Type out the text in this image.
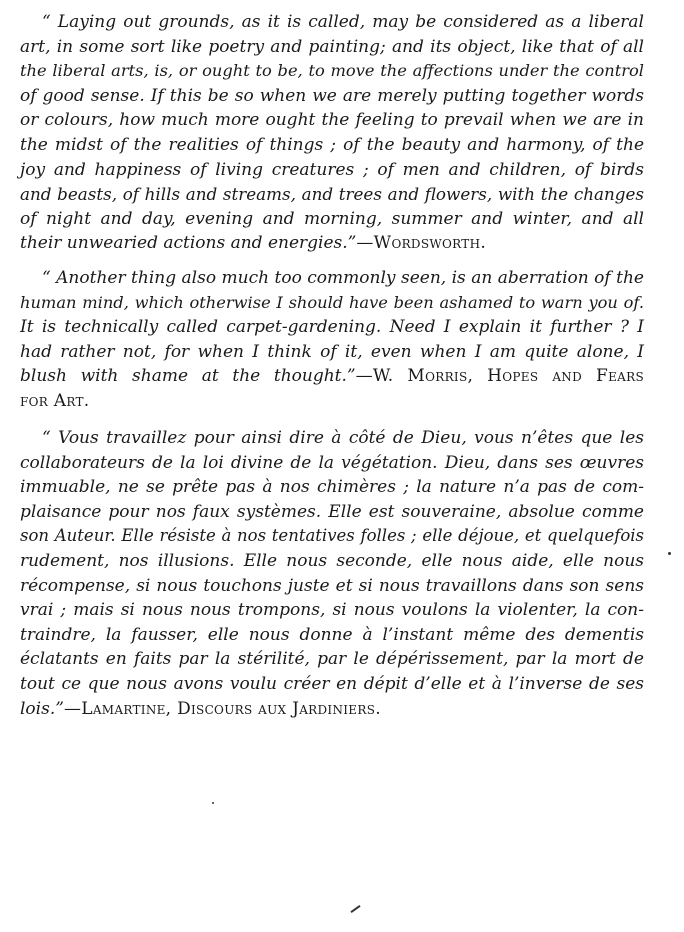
“ Laying out grounds, as it is called, may be considered as a liberal
art, in some sort like poetry and painting; and its object, like that of all
the liberal arts, is, or ought to be, to move the affections under the control
of good sense. If this be so when we are merely putting together words
or colours, how much more ought the feeling to prevail when we are in
the midst of the realities of things ; of the beauty and harmony, of the
joy and happiness of living creatures ; of men and children, of birds
and beasts, of hills and streams, and trees and flowers, with the changes
of night and day, evening and morning, summer and winter, and all
their unwearied actions and energies.”—Wordsworth.
“ Another thing also much too commonly seen, is an aberration of the
human mind, which otherwise I should have been ashamed to warn you of.
It is technically called carpet-gardening. Need I explain it further ? I
had rather not, for when I think of it, even when I am quite alone, I
blush with shame at the thought.”—W. Morris, Hopes and Fears
for Art.
“ Vous travaillez pour ainsi dire à côté de Dieu, vous n’êtes que les
collaborateurs de la loi divine de la végétation. Dieu, dans ses œuvres
immuable, ne se prête pas à nos chimères ; la nature n’a pas de com-
plaisance pour nos faux systèmes. Elle est souveraine, absolue comme
son Auteur. Elle résiste à nos tentatives folles ; elle déjoue, et quelquefois
rudement, nos illusions. Elle nous seconde, elle nous aide, elle nous
récompense, si nous touchons juste et si nous travaillons dans son sens
vrai ; mais si nous nous trompons, si nous voulons la violenter, la con-
traindre, la fausser, elle nous donne à l’instant même des dementis
éclatants en faits par la stérilité, par le dépérissement, par la mort de
tout ce que nous avons voulu créer en dépit d’elle et à l’inverse de ses
lois.”—Lamartine, Discours aux Jardiniers.
